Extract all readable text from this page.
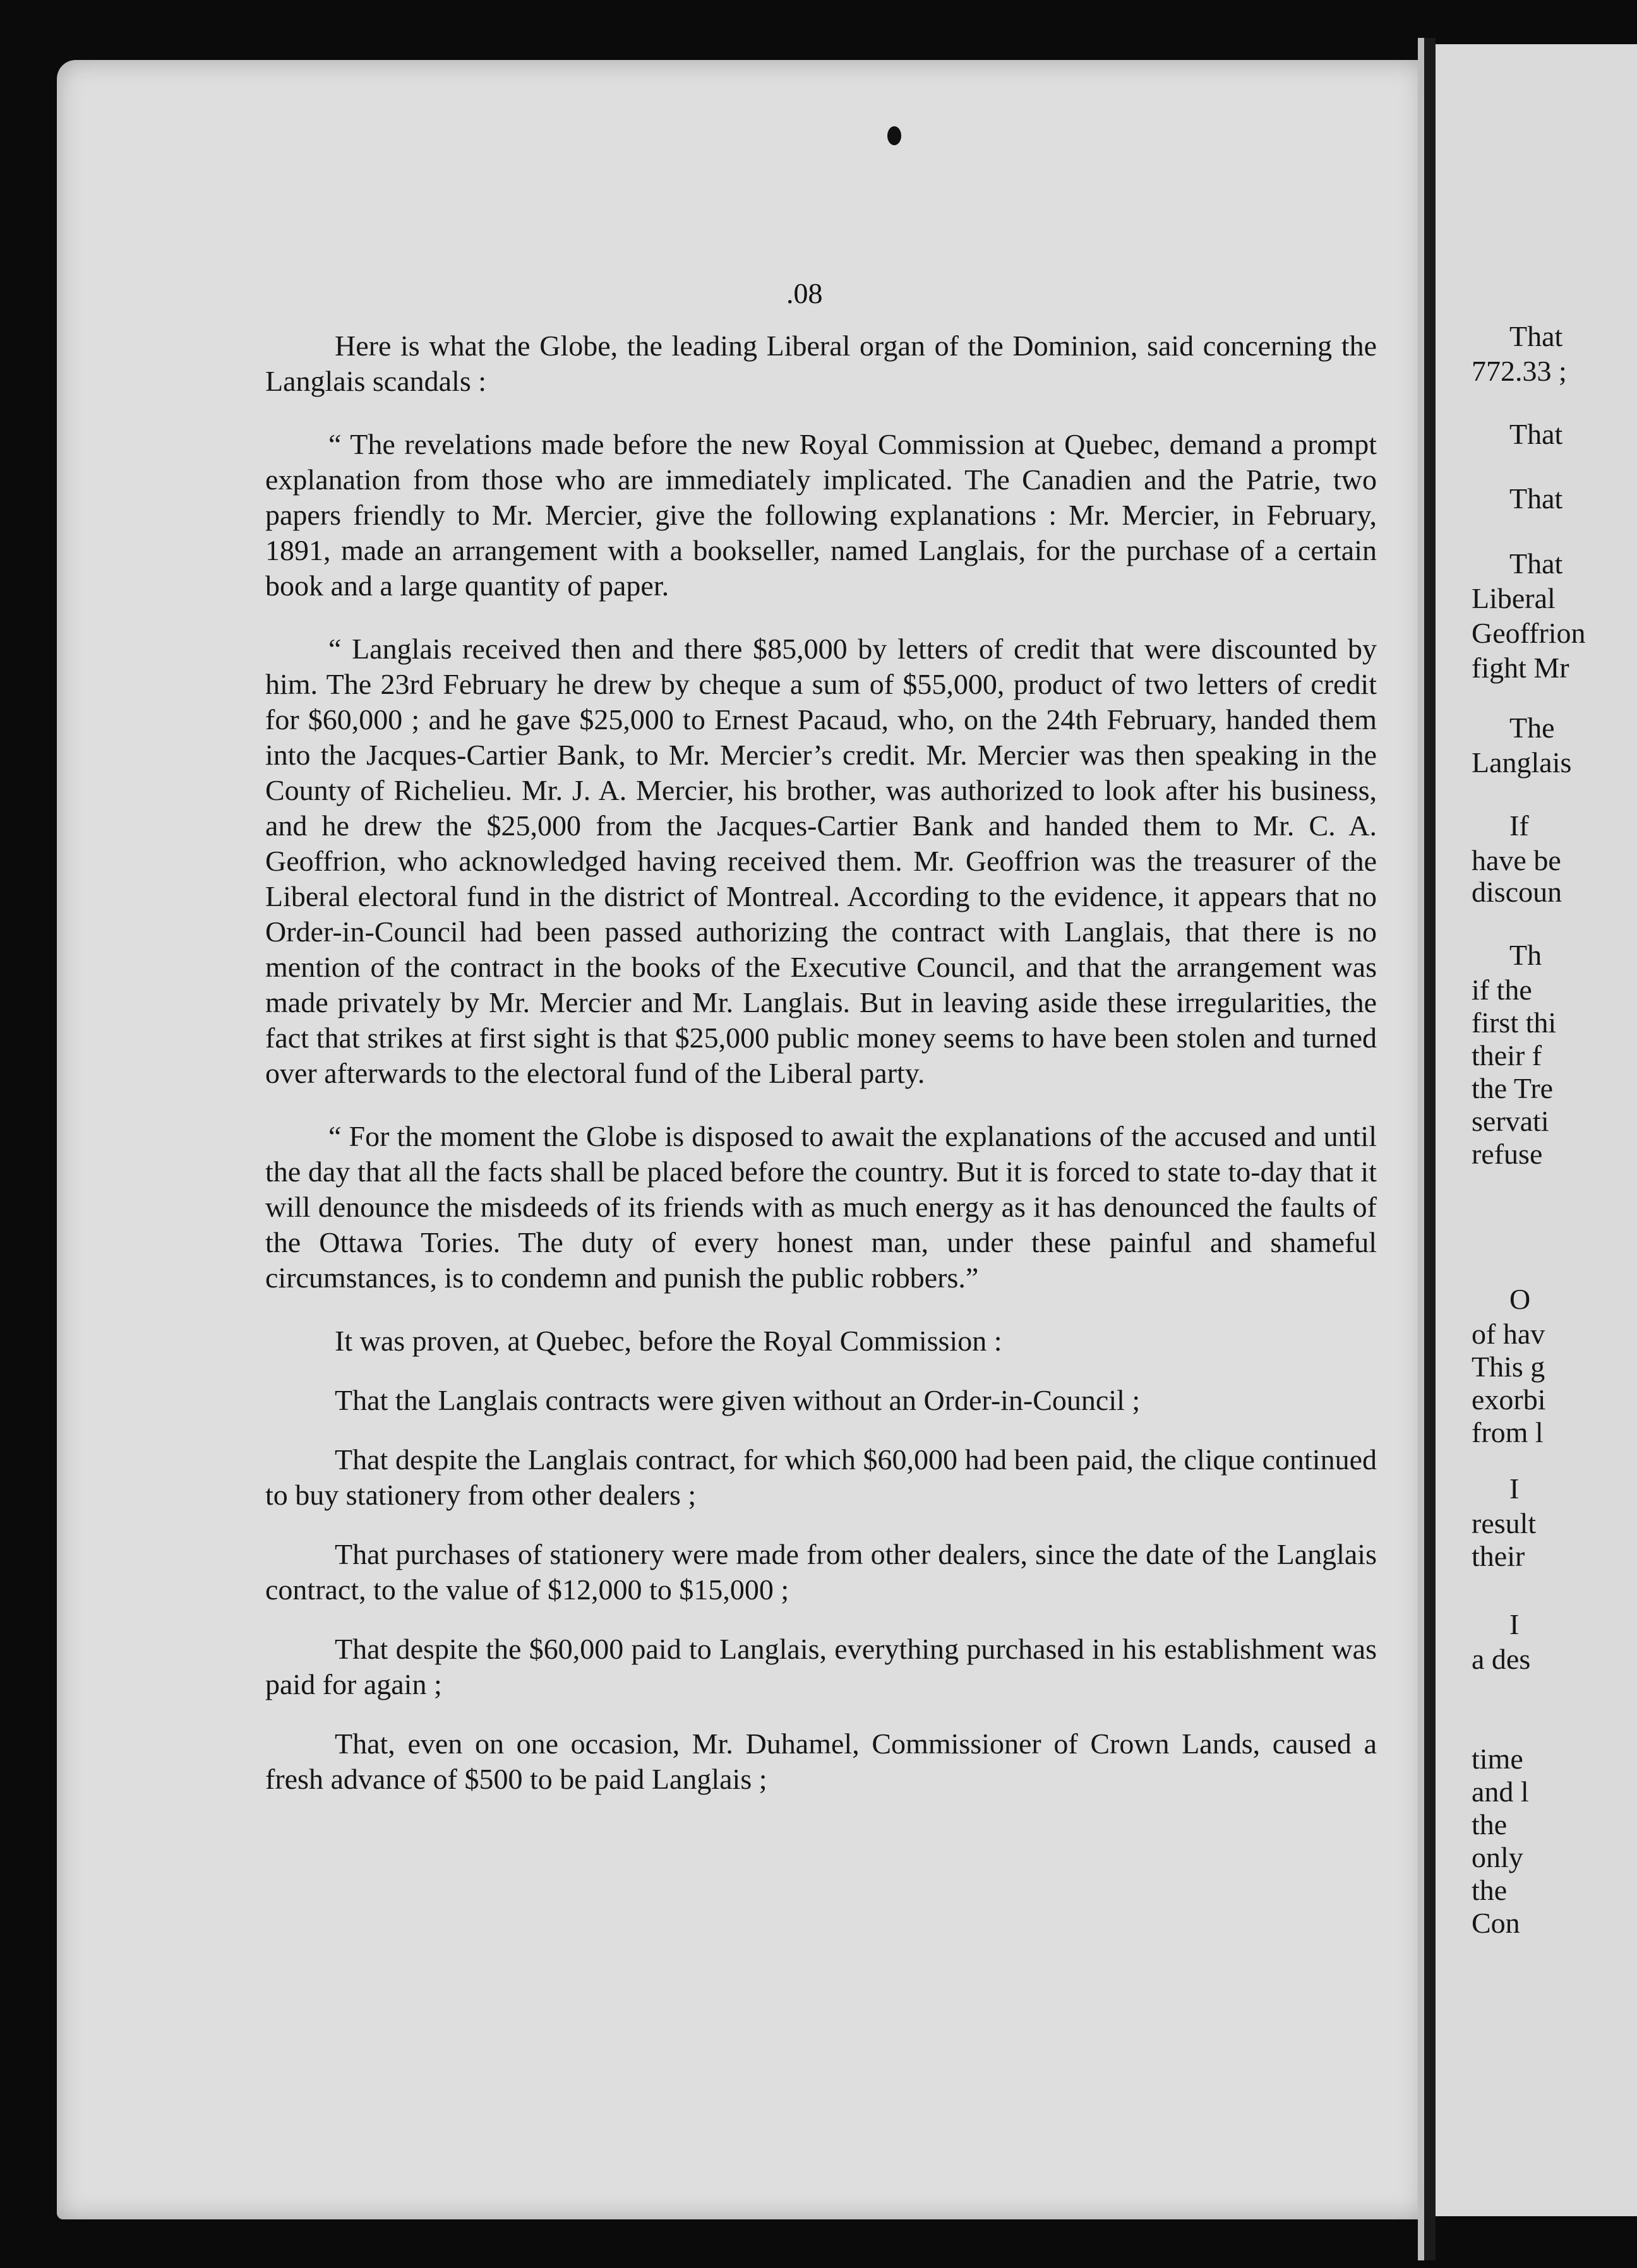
.08

Here is what the Globe, the leading Liberal organ of the Dominion, said concerning the Langlais scandals :

“ The revelations made before the new Royal Commission at Quebec, demand a prompt explanation from those who are immediately implicated. The Canadien and the Patrie, two papers friendly to Mr. Mercier, give the following explanations : Mr. Mercier, in February, 1891, made an arrangement with a bookseller, named Langlais, for the purchase of a certain book and a large quantity of paper.

“ Langlais received then and there $85,000 by letters of credit that were discounted by him. The 23rd February he drew by cheque a sum of $55,000, product of two letters of credit for $60,000 ; and he gave $25,000 to Ernest Pacaud, who, on the 24th February, handed them into the Jacques-Cartier Bank, to Mr. Mercier’s credit. Mr. Mercier was then speaking in the County of Richelieu. Mr. J. A. Mercier, his brother, was authorized to look after his business, and he drew the $25,000 from the Jacques-Cartier Bank and handed them to Mr. C. A. Geoffrion, who acknowledged having received them. Mr. Geoffrion was the treasurer of the Liberal electoral fund in the district of Montreal. According to the evidence, it appears that no Order-in-Council had been passed authorizing the contract with Langlais, that there is no mention of the contract in the books of the Executive Council, and that the arrangement was made privately by Mr. Mercier and Mr. Langlais. But in leaving aside these irregularities, the fact that strikes at first sight is that $25,000 public money seems to have been stolen and turned over afterwards to the electoral fund of the Liberal party.

“ For the moment the Globe is disposed to await the explanations of the accused and until the day that all the facts shall be placed before the country. But it is forced to state to-day that it will denounce the misdeeds of its friends with as much energy as it has denounced the faults of the Ottawa Tories. The duty of every honest man, under these painful and shameful circumstances, is to condemn and punish the public robbers.”

It was proven, at Quebec, before the Royal Commission :

That the Langlais contracts were given without an Order-in-Council ;

That despite the Langlais contract, for which $60,000 had been paid, the clique continued to buy stationery from other dealers ;

That purchases of stationery were made from other dealers, since the date of the Langlais contract, to the value of $12,000 to $15,000 ;

That despite the $60,000 paid to Langlais, everything purchased in his establishment was paid for again ;

That, even on one occasion, Mr. Duhamel, Commissioner of Crown Lands, caused a fresh advance of $500 to be paid Langlais ;

That
772.33 ;
That
That
That
Liberal
Geoffrion
fight Mr
The
Langlais
If
have be
discoun
Th
if the
first thi
their f
the Tre
servati
refuse
O
of hav
This g
exorbi
from l
I
result
their
I
a des
time
and l
the
only
the
Con
